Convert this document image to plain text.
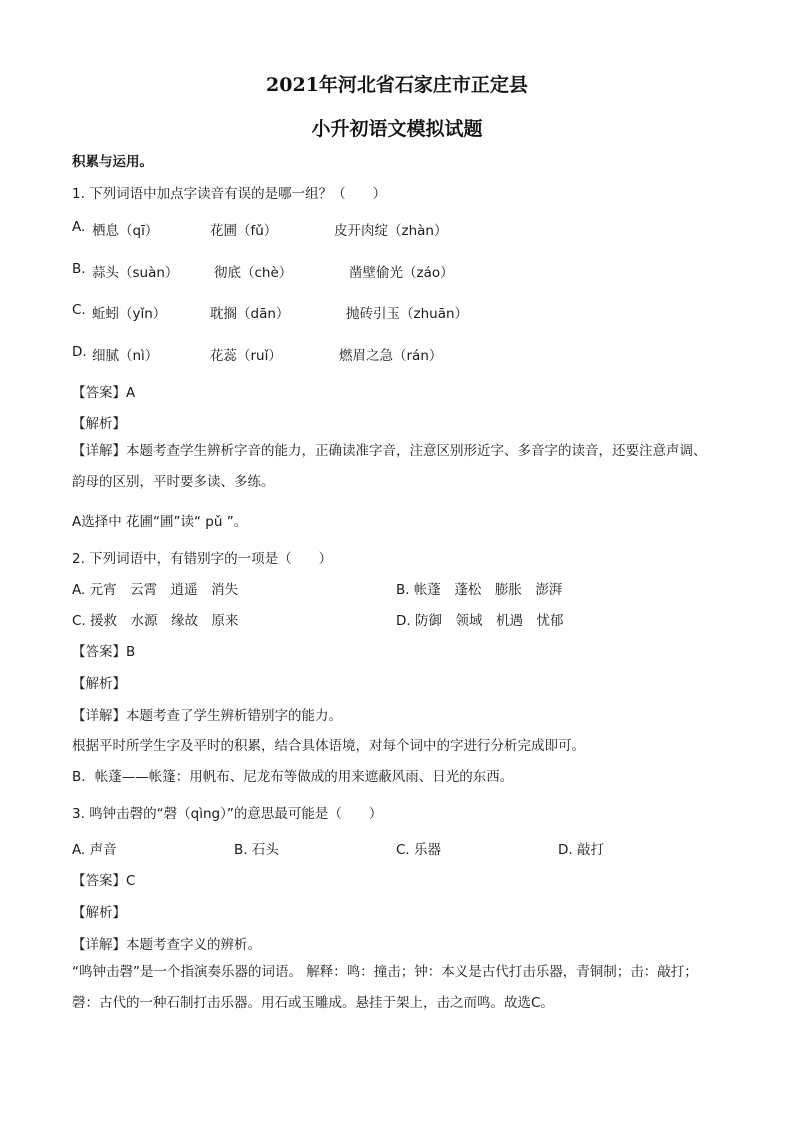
2021年河北省石家庄市正定县
小升初语文模拟试题
积累与运用。
1. 下列词语中加点字读音有误的是哪一组？（　　）
A. 栖息（qī）	花圃（fǔ）	皮开肉绽（zhàn）
B. 蒜头（suàn）	彻底（chè）	凿壁偷光（záo）
C. 蚯蚓（yǐn）	耽搁（dān）	抛砖引玉（zhuān）
D. 细腻（nì）	花蕊（ruǐ）	燃眉之急（rán）
【答案】A
【解析】
【详解】本题考查学生辨析字音的能力，正确读准字音，注意区别形近字、多音字的读音，还要注意声调、韵母的区别，平时要多读、多练。
A选择中 花圃“圃”读“ pǔ ”。
2. 下列词语中，有错别字的一项是（　　）
A. 元宵　云霄　逍遥　消失	B. 帐蓬　蓬松　膨胀　澎湃
C. 援救　水源　缘故　原来	D. 防御　领域　机遇　忧郁
【答案】B
【解析】
【详解】本题考查了学生辨析错别字的能力。
根据平时所学生字及平时的积累，结合具体语境，对每个词中的字进行分析完成即可。
B．帐蓬——帐篷：用帆布、尼龙布等做成的用来遮蔽风雨、日光的东西。
3. 鸣钟击磬的“磬（qìng）”的意思最可能是（　　）
A. 声音	B. 石头	C. 乐器	D. 敲打
【答案】C
【解析】
【详解】本题考查字义的辨析。
“鸣钟击磬”是一个指演奏乐器的词语。 解释：鸣：撞击；钟：本义是古代打击乐器，青铜制；击：敲打；磬：古代的一种石制打击乐器。用石或玉雕成。悬挂于架上，击之而鸣。故选C。
